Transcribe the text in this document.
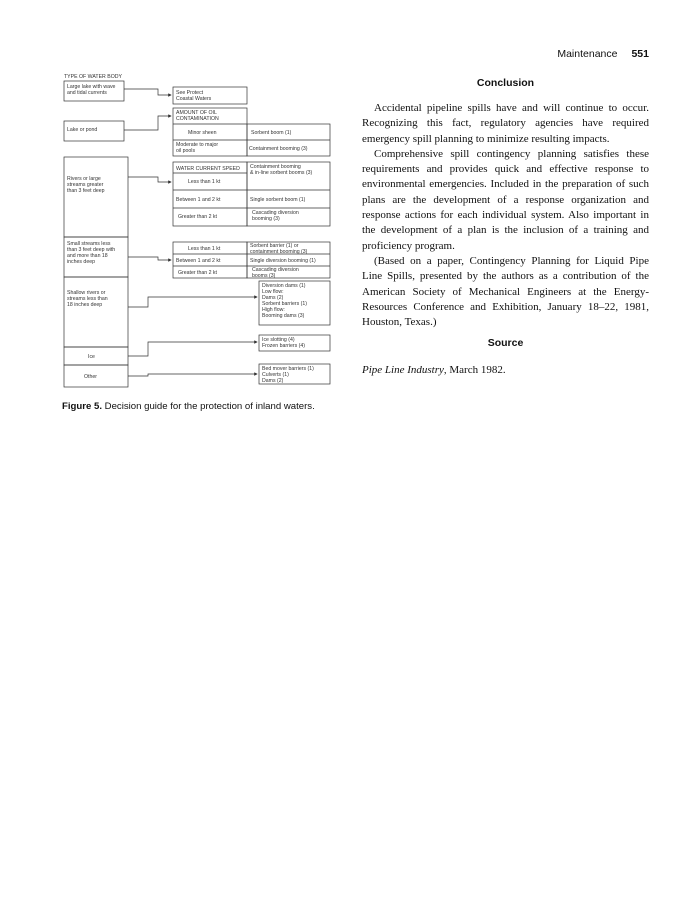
Maintenance 551
Conclusion

Accidental pipeline spills have and will continue to occur. Recognizing this fact, regulatory agencies have required emergency spill planning to minimize resulting impacts.

Comprehensive spill contingency planning satisfies these requirements and provides quick and effective response to environmental emergencies. Included in the preparation of such plans are the development of a response organization and response actions for each individual system. Also important in the development of a plan is the inclusion of a training and proficiency program.

(Based on a paper, Contingency Planning for Liquid Pipe Line Spills, presented by the authors as a contribution of the American Society of Mechanical Engineers at the Energy-Resources Conference and Exhibition, January 18–22, 1981, Houston, Texas.)

Source
Pipe Line Industry, March 1982.
TYPE OF WATER BODY
Large lake with wave and tidal currents
Lake or pond
Rivers or large streams greater than 3 feet deep
Small streams less than 3 feet deep with and more than 18 inches deep
Shallow rivers or streams less than 18 inches deep
Ice
Other
See Protect Coastal Waters
AMOUNT OF OIL CONTAMINATION
Minor sheen
Moderate to major oil pools
Sorbent boom (1)
Containment booming (3)
WATER CURRENT SPEED
Less than 1 kt
Between 1 and 2 kt
Greater than 2 kt
Containment booming & in-line sorbent booms (3)
Single sorbent boom (1)
Cascading diversion booming (3)
Less than 1 kt
Between 1 and 2 kt
Greater than 2 kt
Sorbent barrier (1) or containment booming (3)
Single diversion booming (1)
Cascading diversion booms (3)
Diversion dams (1) Low flow: Dams (2) Sorbent barriers (1) High flow: Booming dams (3)
Ice slotting (4) Frozen barriers (4)
Bed mover barriers (1) Culverts (1) Dams (2)
Figure 5. Decision guide for the protection of inland waters.
